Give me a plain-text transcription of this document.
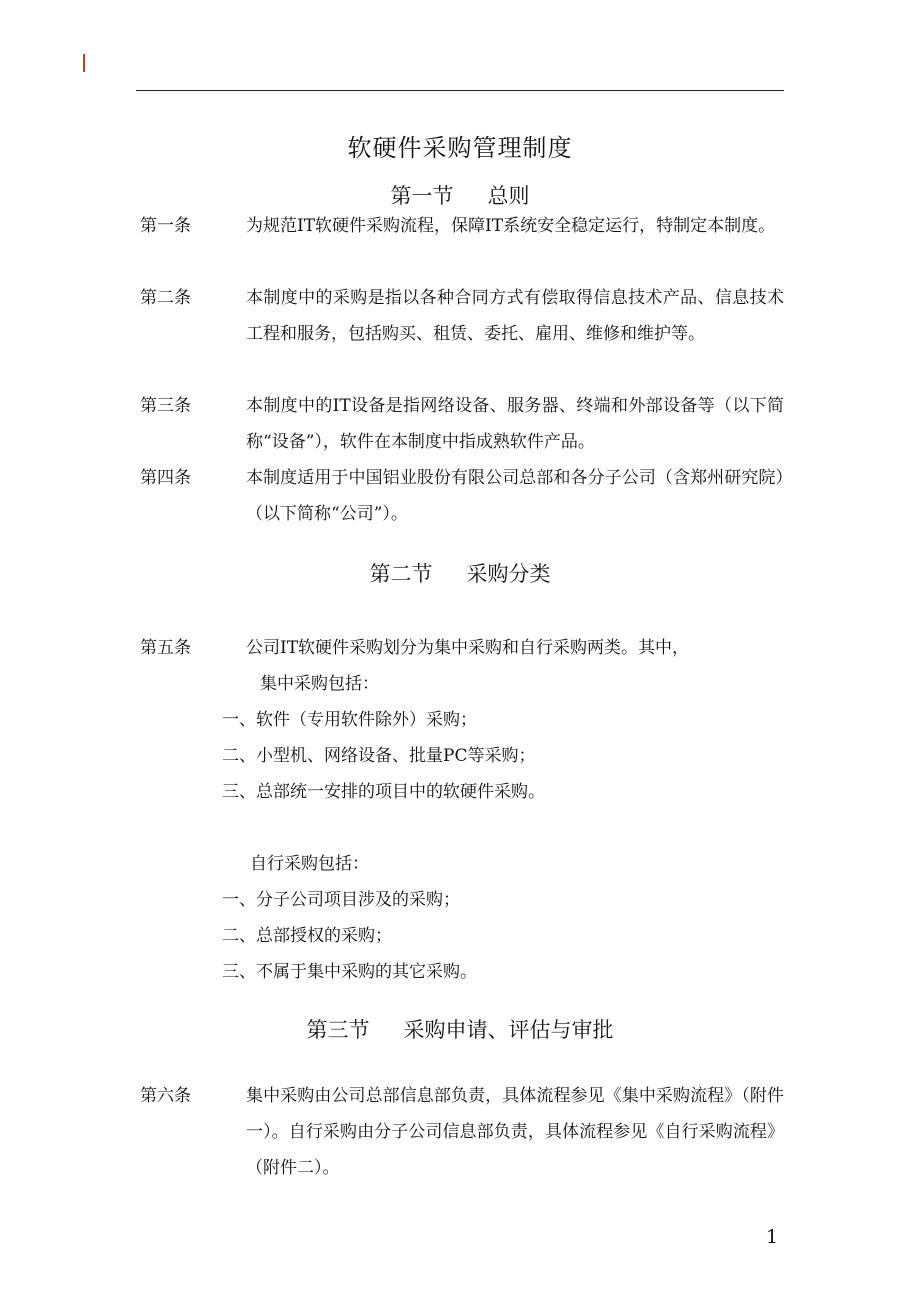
软硬件采购管理制度
第一节 总则
第一条	为规范IT软硬件采购流程，保障IT系统安全稳定运行，特制定本制度。
第二条	本制度中的采购是指以各种合同方式有偿取得信息技术产品、信息技术工程和服务，包括购买、租赁、委托、雇用、维修和维护等。
第三条	本制度中的IT设备是指网络设备、服务器、终端和外部设备等（以下简称“设备”），软件在本制度中指成熟软件产品。
第四条	本制度适用于中国铝业股份有限公司总部和各分子公司（含郑州研究院）（以下简称“公司”）。
第二节 采购分类
第五条	公司IT软硬件采购划分为集中采购和自行采购两类。其中，
集中采购包括：
一、软件（专用软件除外）采购；
二、小型机、网络设备、批量PC等采购；
三、总部统一安排的项目中的软硬件采购。
自行采购包括：
一、分子公司项目涉及的采购；
二、总部授权的采购；
三、不属于集中采购的其它采购。
第三节 采购申请、评估与审批
第六条	集中采购由公司总部信息部负责，具体流程参见《集中采购流程》（附件一）。自行采购由分子公司信息部负责，具体流程参见《自行采购流程》（附件二）。
1
